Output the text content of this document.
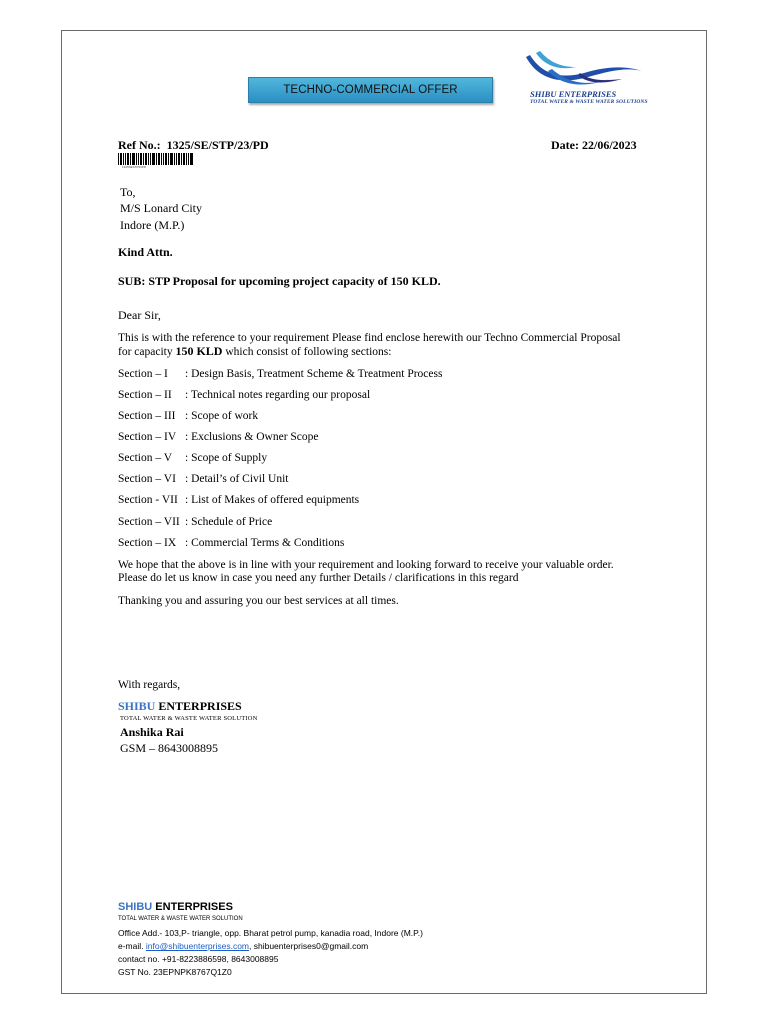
TECHNO-COMMERCIAL OFFER	SHIBU ENTERPRISES
TOTAL WATER & WASTE WATER SOLUTIONS
Ref No.: 1325/SE/STP/23/PD	Date: 22/06/2023
1325SESTP23PD
To,
M/S Lonard City
Indore (M.P.)
Kind Attn.
SUB: STP Proposal for upcoming project capacity of 150 KLD.
Dear Sir,
This is with the reference to your requirement Please find enclose herewith our Techno Commercial Proposal
for capacity 150 KLD which consist of following sections:
Section – I : Design Basis, Treatment Scheme & Treatment Process
Section – II : Technical notes regarding our proposal
Section – III : Scope of work
Section – IV : Exclusions & Owner Scope
Section – V : Scope of Supply
Section – VI : Detail’s of Civil Unit
Section - VII : List of Makes of offered equipments
Section – VII : Schedule of Price
Section – IX : Commercial Terms & Conditions
We hope that the above is in line with your requirement and looking forward to receive your valuable order.
Please do let us know in case you need any further Details / clarifications in this regard
Thanking you and assuring you our best services at all times.
With regards,
SHIBU ENTERPRISES
TOTAL WATER & WASTE WATER SOLUTION
Anshika Rai
GSM – 8643008895
SHIBU ENTERPRISES
TOTAL WATER & WASTE WATER SOLUTION
Office Add.- 103,P- triangle, opp. Bharat petrol pump, kanadia road, Indore (M.P.)
e-mail. info@shibuenterprises.com, shibuenterprises0@gmail.com
contact no. +91-8223886598, 8643008895
GST No. 23EPNPK8767Q1Z0
